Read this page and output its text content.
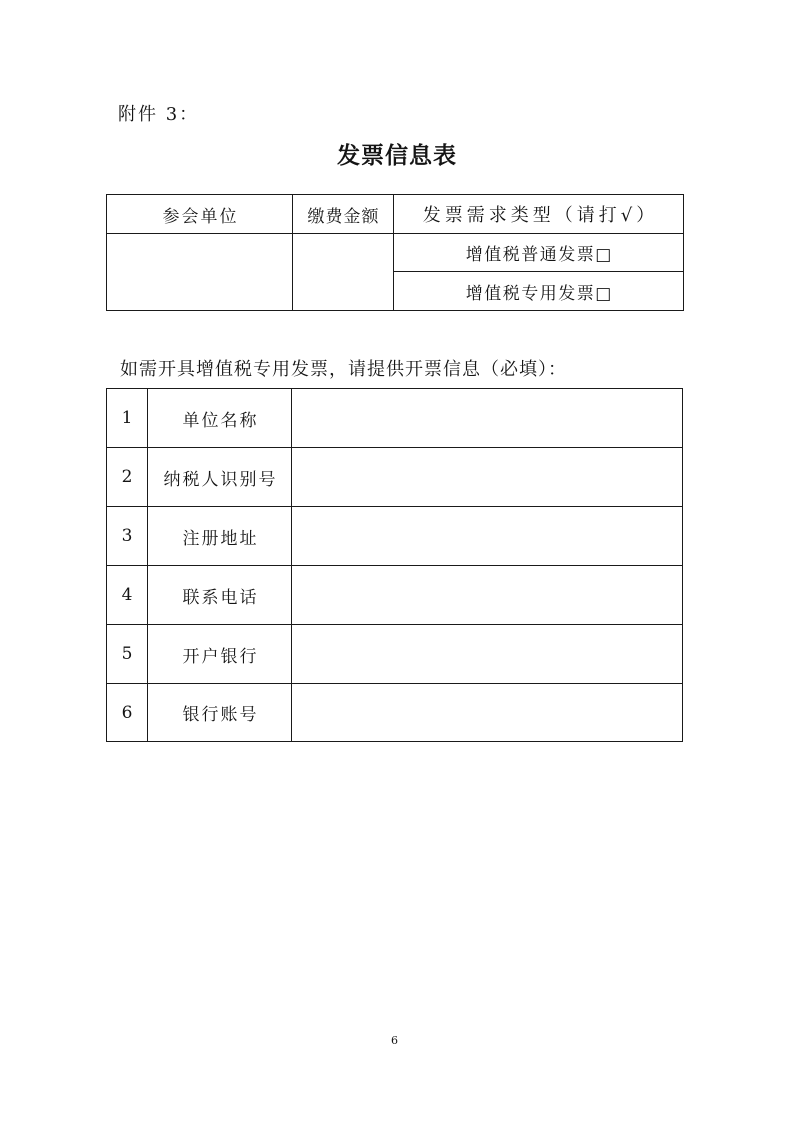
附件 3：
发票信息表
参会单位	缴费金额	发票需求类型（请打√）
		增值税普通发票□
		增值税专用发票□
如需开具增值税专用发票，请提供开票信息（必填）：
1	单位名称	
2	纳税人识别号	
3	注册地址	
4	联系电话	
5	开户银行	
6	银行账号	
6
